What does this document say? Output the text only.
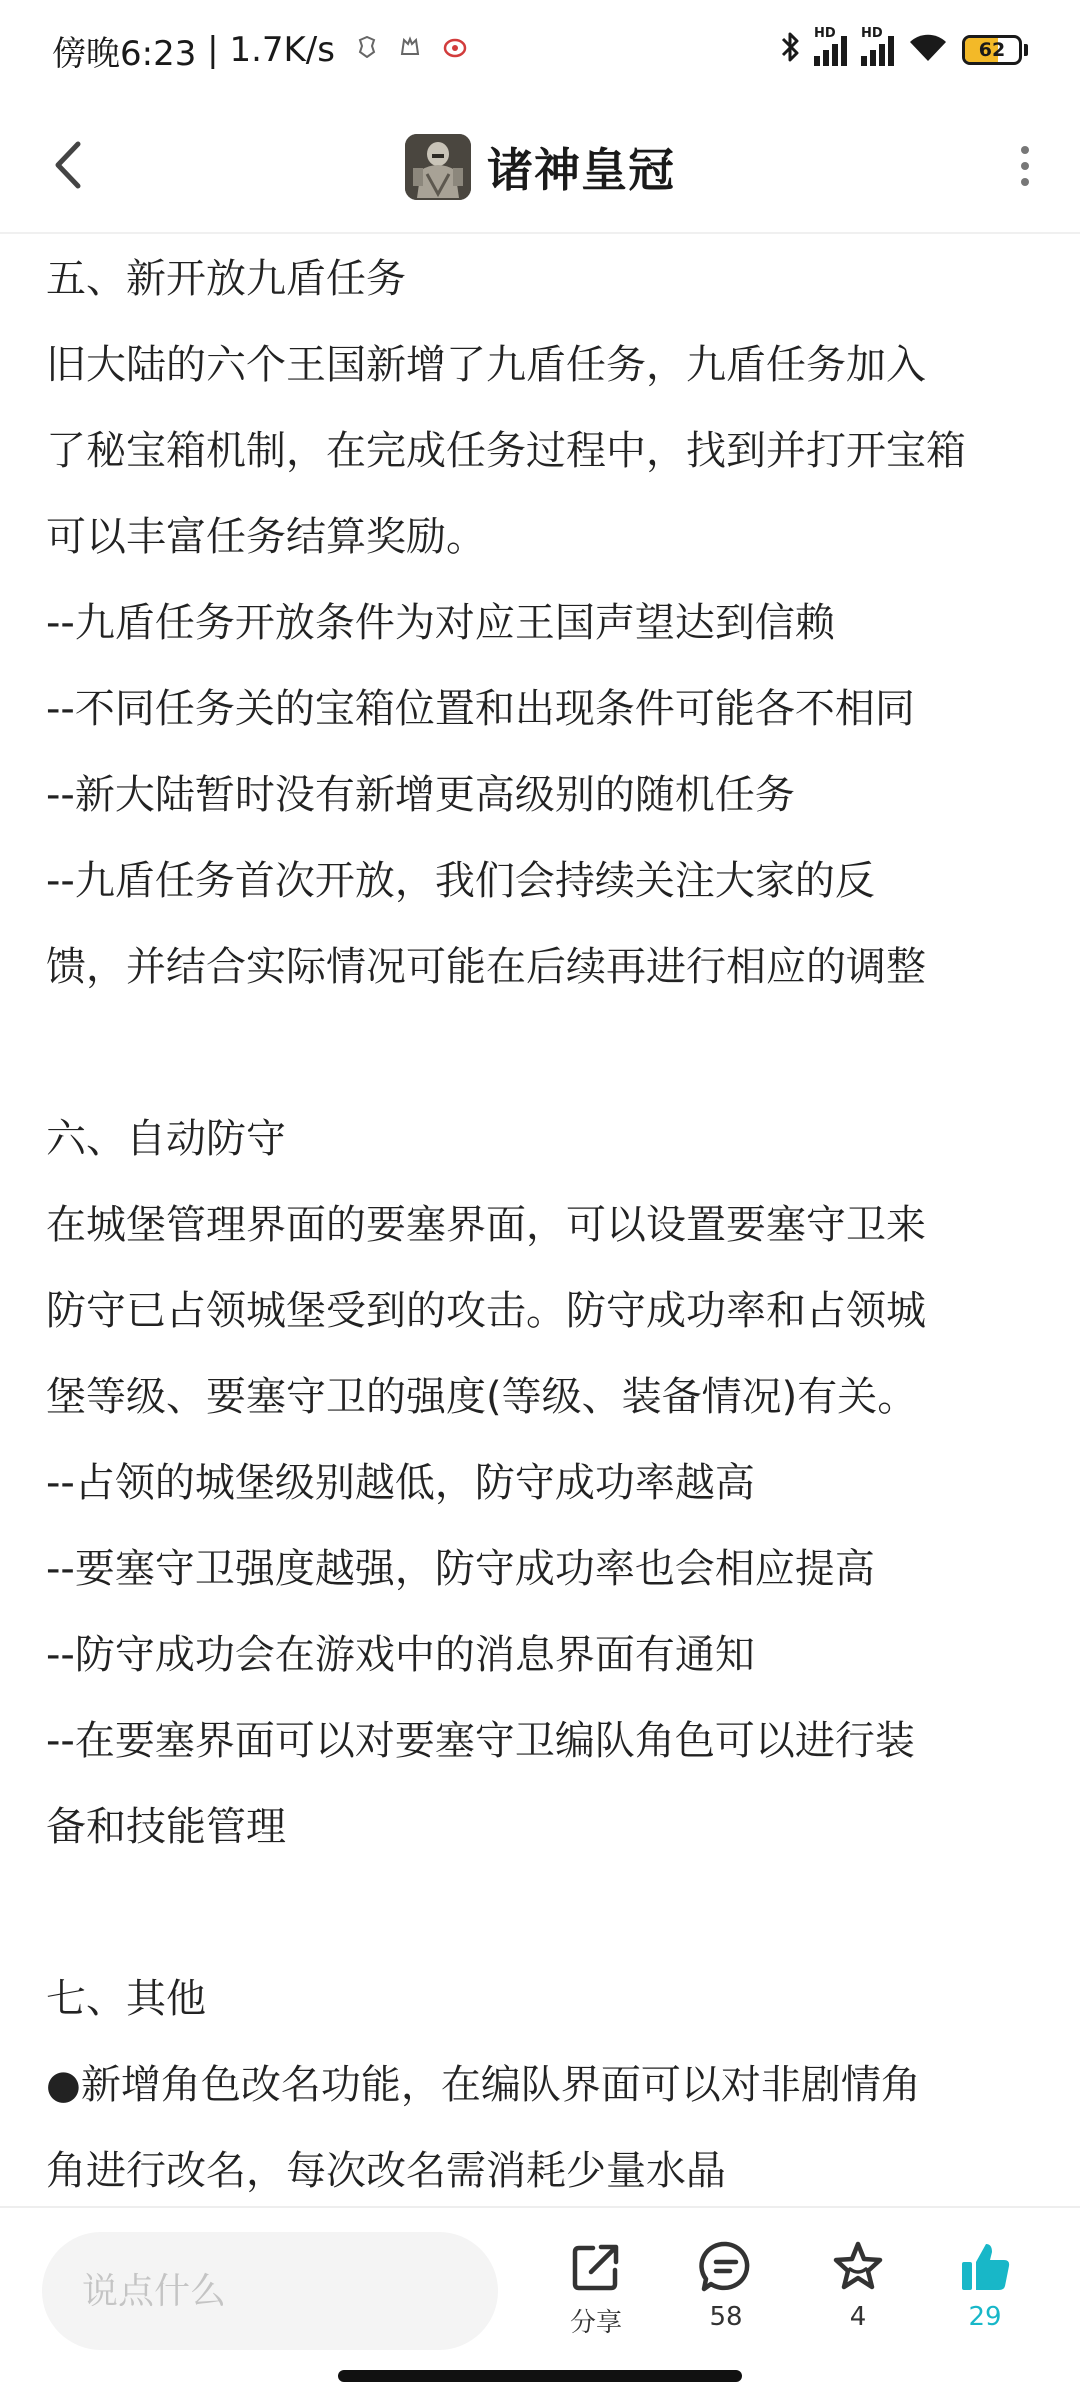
傍晚6:23 | 1.7K/s	HD HD
62
诸神皇冠

五、新开放九盾任务

旧大陆的六个王国新增了九盾任务，九盾任务加入

了秘宝箱机制，在完成任务过程中，找到并打开宝箱

可以丰富任务结算奖励。

--九盾任务开放条件为对应王国声望达到信赖

--不同任务关的宝箱位置和出现条件可能各不相同

--新大陆暂时没有新增更高级别的随机任务

--九盾任务首次开放，我们会持续关注大家的反

馈，并结合实际情况可能在后续再进行相应的调整

六、自动防守

在城堡管理界面的要塞界面，可以设置要塞守卫来

防守已占领城堡受到的攻击。防守成功率和占领城

堡等级、要塞守卫的强度(等级、装备情况)有关。

--占领的城堡级别越低，防守成功率越高

--要塞守卫强度越强，防守成功率也会相应提高

--防守成功会在游戏中的消息界面有通知

--在要塞界面可以对要塞守卫编队角色可以进行装

备和技能管理

七、其他

●新增角色改名功能，在编队界面可以对非剧情角

角进行改名，每次改名需消耗少量水晶

说点什么
分享	58	4	29
